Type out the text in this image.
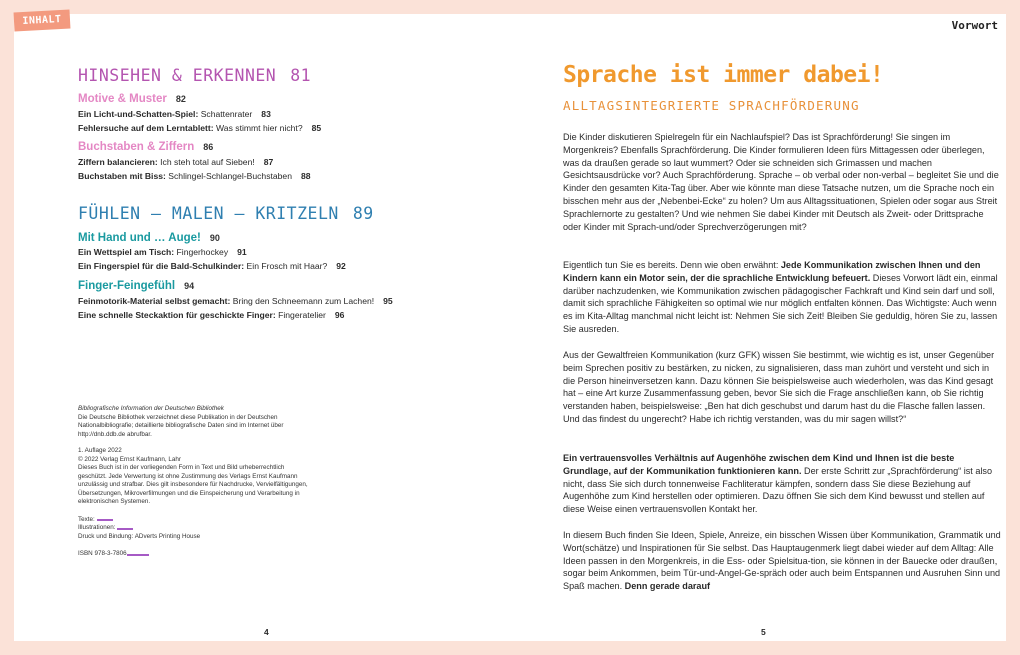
INHALT
HINSEHEN & ERKENNEN 81
Motive & Muster 82
Ein Licht-und-Schatten-Spiel: Schattenrater 83
Fehlersuche auf dem Lerntablett: Was stimmt hier nicht? 85
Buchstaben & Ziffern 86
Ziffern balancieren: Ich steh total auf Sieben! 87
Buchstaben mit Biss: Schlingel-Schlangel-Buchstaben 88
FÜHLEN – MALEN – KRITZELN 89
Mit Hand und … Auge! 90
Ein Wettspiel am Tisch: Fingerhockey 91
Ein Fingerspiel für die Bald-Schulkinder: Ein Frosch mit Haar? 92
Finger-Feingefühl 94
Feinmotorik-Material selbst gemacht: Bring den Schneemann zum Lachen! 95
Eine schnelle Steckaktion für geschickte Finger: Fingeratelier 96

Bibliografische Information der Deutschen Bibliothek

Die Deutsche Bibliothek verzeichnet diese Publikation in der Deutschen Nationalbibliografie; detaillierte bibliografische Daten sind im Internet über http://dnb.ddb.de abrufbar.

1. Auflage 2022

© 2022 Verlag Ernst Kaufmann, Lahr

Dieses Buch ist in der vorliegenden Form in Text und Bild urheberrechtlich geschützt. Jede Verwertung ist ohne Zustimmung des Verlags Ernst Kaufmann unzulässig und strafbar. Dies gilt insbesondere für Nachdrucke, Vervielfältigungen, Übersetzungen, Mikroverfilmungen und die Einspeicherung und Verarbeitung in elektronischen Systemen.

Texte:

Illustrationen:

Druck und Bindung: ADverts Printing House

ISBN 978-3-7806

4
Vorwort
Sprache ist immer dabei!
ALLTAGSINTEGRIERTE SPRACHFÖRDERUNG
Die Kinder diskutieren Spielregeln für ein Nachlaufspiel? Das ist Sprachförderung! Sie singen im Morgenkreis? Ebenfalls Sprachförderung. Die Kinder formulieren Ideen fürs Mittagessen oder überlegen, was da draußen gerade so laut wummert? Oder sie schneiden sich Grimassen und machen Gesichtsausdrücke vor? Auch Sprachförderung. Sprache – ob verbal oder non-verbal – begleitet Sie und die Kinder den gesamten Kita-Tag über. Aber wie könnte man diese Tatsache nutzen, um die Sprache noch ein bisschen mehr aus der „Nebenbei-Ecke“ zu holen? Um aus Alltagssituationen, Spielen oder sogar aus Streit Sprachlernorte zu gestalten? Und wie nehmen Sie dabei Kinder mit Deutsch als Zweit- oder Drittsprache oder Kinder mit Sprach-und/oder Sprechverzögerungen mit?
Eigentlich tun Sie es bereits. Denn wie oben erwähnt: Jede Kommunikation zwischen Ihnen und den Kindern kann ein Motor sein, der die sprachliche Entwicklung befeuert. Dieses Vorwort lädt ein, einmal darüber nachzudenken, wie Kommunikation zwischen pädagogischer Fachkraft und Kind sein darf und soll, damit sich sprachliche Fähigkeiten so optimal wie nur möglich entfalten können. Das Wichtigste: Auch wenn es im Kita-Alltag manchmal nicht leicht ist: Nehmen Sie sich Zeit! Bleiben Sie geduldig, hören Sie zu, lassen Sie ausreden.
Aus der Gewaltfreien Kommunikation (kurz GFK) wissen Sie bestimmt, wie wichtig es ist, unser Gegenüber beim Sprechen positiv zu bestärken, zu nicken, zu signalisieren, dass man zuhört und versteht und sich in die Person hineinversetzen kann. Dazu können Sie beispielsweise auch wiederholen, was das Kind gesagt hat – eine Art kurze Zusammenfassung geben, bevor Sie sich die Frage anschließen kann, ob Sie richtig verstanden haben, beispielsweise: „Ben hat dich geschubst und darum hast du die Flasche fallen lassen. Und das findest du ungerecht? Habe ich richtig verstanden, was du mir sagen willst?“
Ein vertrauensvolles Verhältnis auf Augenhöhe zwischen dem Kind und Ihnen ist die beste Grundlage, auf der Kommunikation funktionieren kann. Der erste Schritt zur „Sprachförderung“ ist also nicht, dass Sie sich durch tonnenweise Fachliteratur kämpfen, sondern dass Sie diese Beziehung auf Augenhöhe zum Kind herstellen oder optimieren. Dazu öffnen Sie sich dem Kind bewusst und stellen auf diese Weise einen vertrauensvollen Kontakt her.
In diesem Buch finden Sie Ideen, Spiele, Anreize, ein bisschen Wissen über Kommunikation, Grammatik und Wort(schätze) und Inspirationen für Sie selbst. Das Hauptaugenmerk liegt dabei wieder auf dem Alltag: Alle Ideen passen in den Morgenkreis, in die Ess- oder Spielsitua-tion, sie können in der Bauecke oder draußen, sogar beim Ankommen, beim Tür-und-Angel-Ge-spräch oder auch beim Entspannen und Ausruhen Sinn und Spaß machen. Denn gerade darauf
5
